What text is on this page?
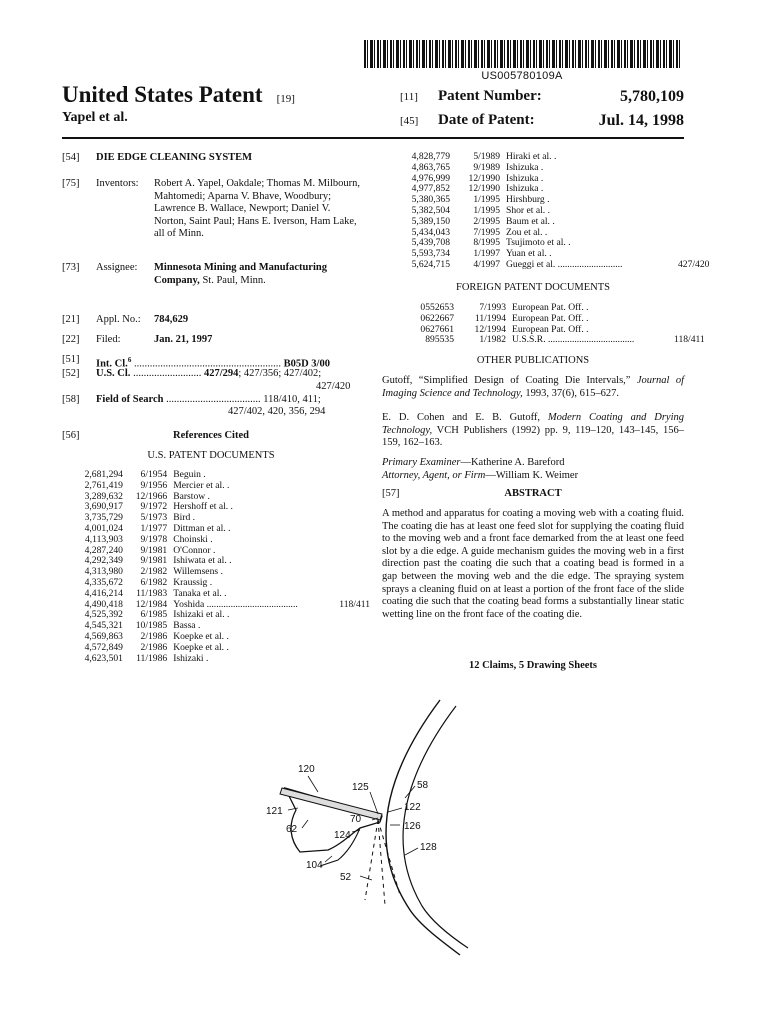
US005780109A
United States Patent [19]
Yapel et al.
[11] Patent Number:	5,780,109
[45] Date of Patent:	Jul. 14, 1998
[54] DIE EDGE CLEANING SYSTEM
[75] Inventors: Robert A. Yapel, Oakdale; Thomas M. Milbourn, Mahtomedi; Aparna V. Bhave, Woodbury; Lawrence B. Wallace, Newport; Daniel V. Norton, Saint Paul; Hans E. Iverson, Ham Lake, all of Minn.
[73] Assignee: Minnesota Mining and Manufacturing Company, St. Paul, Minn.
[21] Appl. No.: 784,629
[22] Filed:	Jan. 21, 1997
[51] Int. Cl.$^6$ ........................................................ B05D 3/00
[52] U.S. Cl. .......................... 427/294; 427/356; 427/402;
427/420
[58] Field of Search .................................... 118/410, 411;
427/402, 420, 356, 294
[56]	References Cited
U.S. PATENT DOCUMENTS
2,681,294	6/1954	Beguin .	
2,761,419	9/1956	Mercier et al. .	
3,289,632	12/1966	Barstow .	
3,690,917	9/1972	Hershoff et al. .	
3,735,729	5/1973	Bird .	
4,001,024	1/1977	Dittman et al. .	
4,113,903	9/1978	Choinski .	
4,287,240	9/1981	O'Connor .	
4,292,349	9/1981	Ishiwata et al. .	
4,313,980	2/1982	Willemsens .	
4,335,672	6/1982	Kraussig .	
4,416,214	11/1983	Tanaka et al. .	
4,490,418	12/1984	Yoshida ......................................	118/411
4,525,392	6/1985	Ishizaki et al. .	
4,545,321	10/1985	Bassa .	
4,569,863	2/1986	Koepke et al. .	
4,572,849	2/1986	Koepke et al. .	
4,623,501	11/1986	Ishizaki .	
4,828,779	5/1989	Hiraki et al. .	
4,863,765	9/1989	Ishizuka .	
4,976,999	12/1990	Ishizuka .	
4,977,852	12/1990	Ishizuka .	
5,380,365	1/1995	Hirshburg .	
5,382,504	1/1995	Shor et al. .	
5,389,150	2/1995	Baum et al. .	
5,434,043	7/1995	Zou et al. .	
5,439,708	8/1995	Tsujimoto et al. .	
5,593,734	1/1997	Yuan et al. .	
5,624,715	4/1997	Gueggi et al. ...........................	427/420
FOREIGN PATENT DOCUMENTS
0552653	7/1993	European Pat. Off. .	
0622667	11/1994	European Pat. Off. .	
0627661	12/1994	European Pat. Off. .	
895535	1/1982	U.S.S.R. ....................................	118/411
OTHER PUBLICATIONS
Gutoff, “Simplified Design of Coating Die Intervals,” Journal of Imaging Science and Technology, 1993, 37(6), 615–627.
E. D. Cohen and E. B. Gutoff, Modern Coating and Drying Technology, VCH Publishers (1992) pp. 9, 119–120, 143–145, 156–159, 162–163.
Primary Examiner—Katherine A. Bareford
Attorney, Agent, or Firm—William K. Weimer
[57]	ABSTRACT
A method and apparatus for coating a moving web with a coating fluid. The coating die has at least one feed slot for supplying the coating fluid to the moving web and a front face demarked from the at least one feed slot by a die edge. A guide mechanism guides the moving web in a first direction past the coating die such that a coating bead is formed in a gap between the moving web and the die edge. The spraying system sprays a cleaning fluid on at least a portion of the front face of the slide coating die such that the coating bead forms a substantially linear static wetting line on the front face of the coating die.
12 Claims, 5 Drawing Sheets
120
125	58
121
70
122
62
124
126
128
104
52
